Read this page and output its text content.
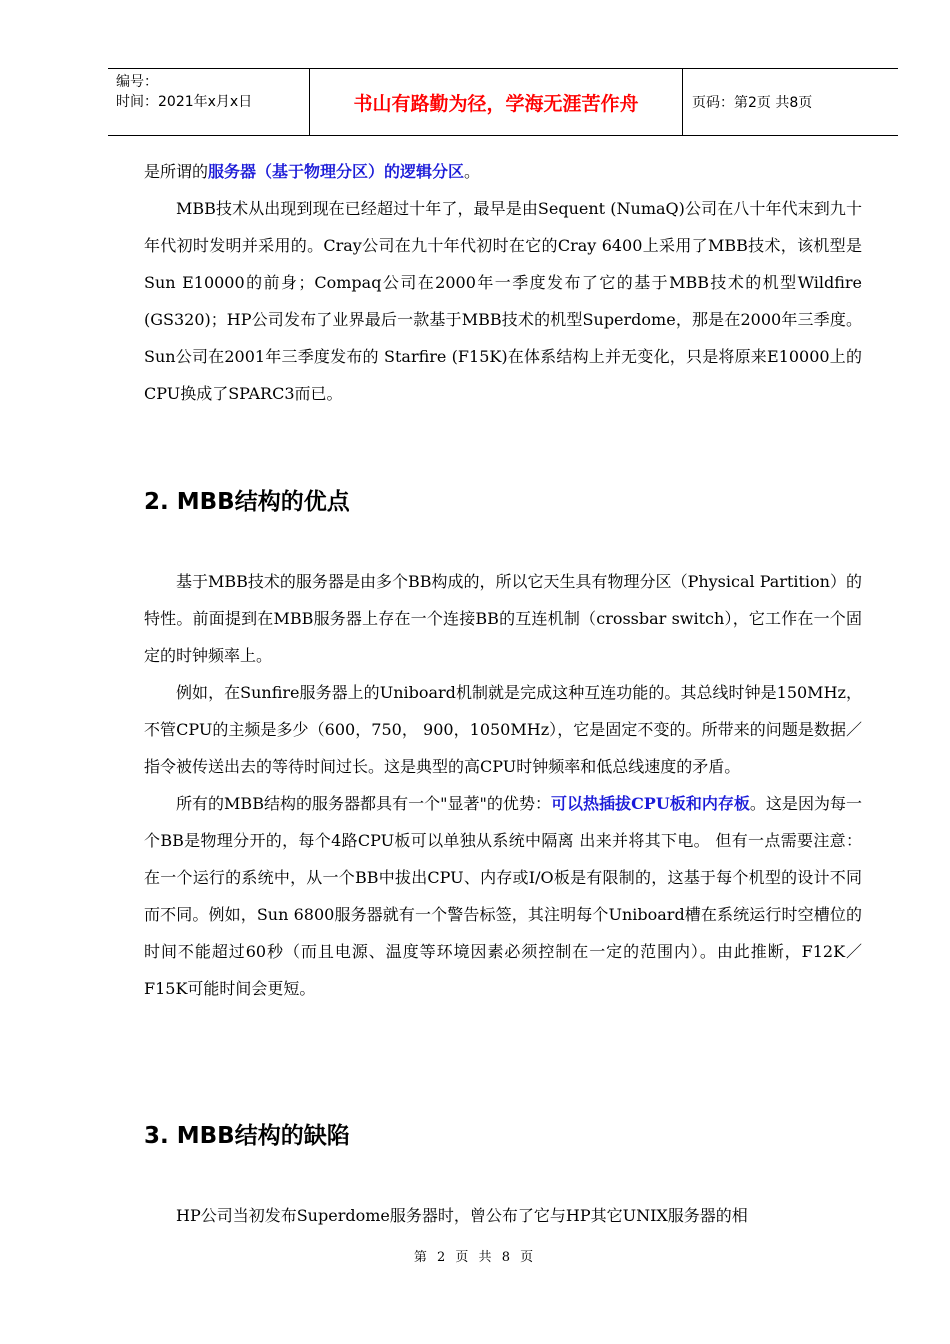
编号：
时间：2021年x月x日	书山有路勤为径，学海无涯苦作舟	页码：第2页 共8页

是所谓的服务器（基于物理分区）的逻辑分区。

MBB技术从出现到现在已经超过十年了，最早是由Sequent (NumaQ)公司在八十年代末到九十年代初时发明并采用的。Cray公司在九十年代初时在它的Cray 6400上采用了MBB技术，该机型是Sun E10000的前身；Compaq公司在2000年一季度发布了它的基于MBB技术的机型Wildfire (GS320)；HP公司发布了业界最后一款基于MBB技术的机型Superdome，那是在2000年三季度。Sun公司在2001年三季度发布的 Starfire (F15K)在体系结构上并无变化，只是将原来E10000上的CPU换成了SPARC3而已。

2. MBB结构的优点

基于MBB技术的服务器是由多个BB构成的，所以它天生具有物理分区（Physical Partition）的特性。前面提到在MBB服务器上存在一个连接BB的互连机制（crossbar switch），它工作在一个固定的时钟频率上。

例如，在Sunfire服务器上的Uniboard机制就是完成这种互连功能的。其总线时钟是150MHz，不管CPU的主频是多少（600，750， 900，1050MHz），它是固定不变的。所带来的问题是数据／指令被传送出去的等待时间过长。这是典型的高CPU时钟频率和低总线速度的矛盾。

所有的MBB结构的服务器都具有一个"显著"的优势：可以热插拔CPU板和内存板。这是因为每一个BB是物理分开的，每个4路CPU板可以单独从系统中隔离 出来并将其下电。 但有一点需要注意：在一个运行的系统中，从一个BB中拔出CPU、内存或I/O板是有限制的，这基于每个机型的设计不同而不同。例如，Sun 6800服务器就有一个警告标签，其注明每个Uniboard槽在系统运行时空槽位的时间不能超过60秒（而且电源、温度等环境因素必须控制在一定的范围内）。由此推断，F12K／F15K可能时间会更短。

3. MBB结构的缺陷

HP公司当初发布Superdome服务器时，曾公布了它与HP其它UNIX服务器的相

第 2 页 共 8 页
